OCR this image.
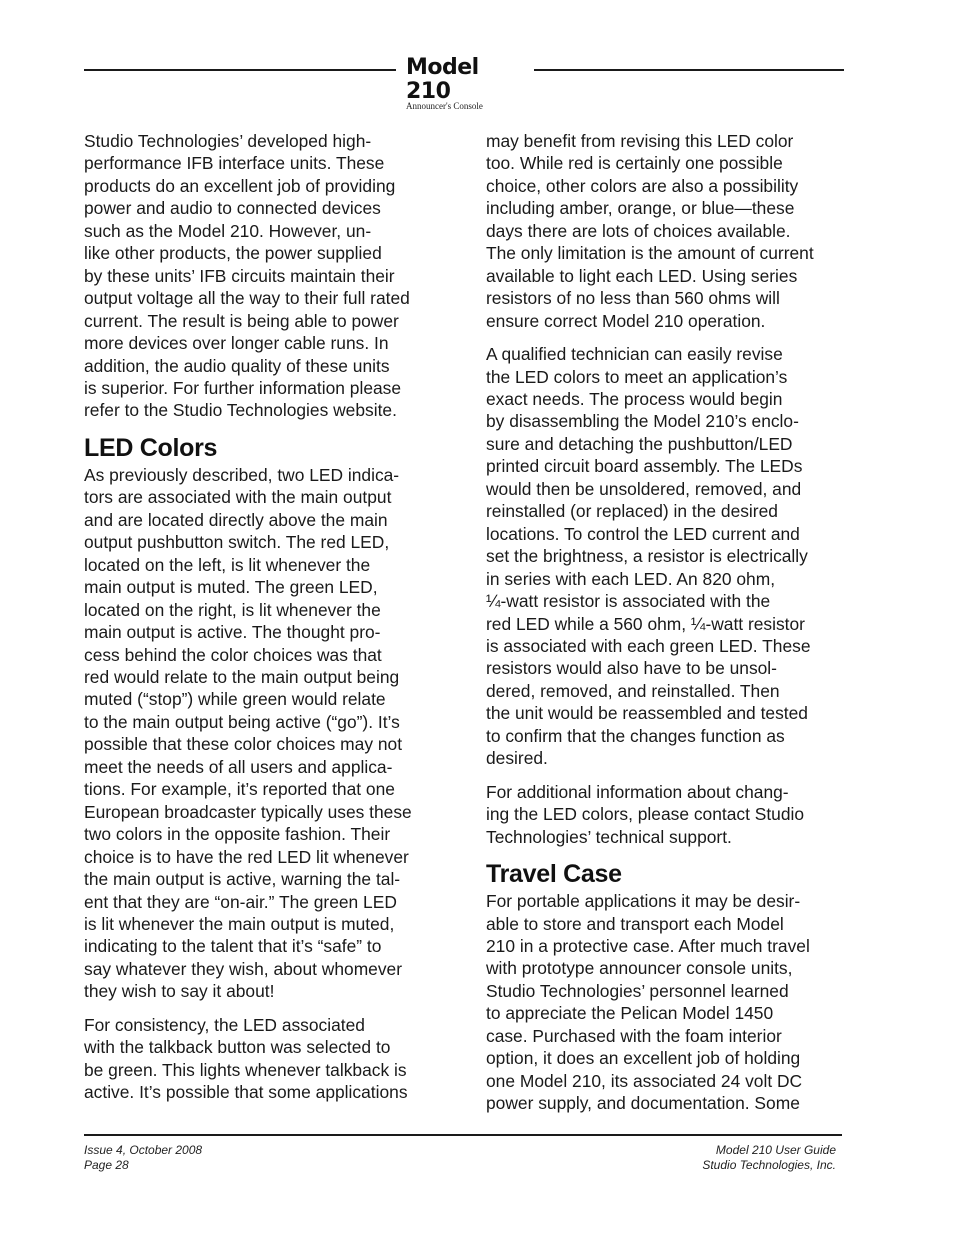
Model 210
Announcer's Console

Studio Technologies’ developed high-
performance IFB interface units. These
products do an excellent job of providing
power and audio to connected devices
such as the Model 210. However, un-
like other products, the power supplied
by these units’ IFB circuits maintain their
output voltage all the way to their full rated
current. The result is being able to power
more devices over longer cable runs. In
addition, the audio quality of these units
is superior. For further information please
refer to the Studio Technologies website.

LED Colors

As previously described, two LED indica-
tors are associated with the main output
and are located directly above the main
output pushbutton switch. The red LED,
located on the left, is lit whenever the
main output is muted. The green LED,
located on the right, is lit whenever the
main output is active. The thought pro-
cess behind the color choices was that
red would relate to the main output being
muted (“stop”) while green would relate
to the main output being active (“go”). It’s
possible that these color choices may not
meet the needs of all users and applica-
tions. For example, it’s reported that one
European broadcaster typically uses these
two colors in the opposite fashion. Their
choice is to have the red LED lit whenever
the main output is active, warning the tal-
ent that they are “on-air.” The green LED
is lit whenever the main output is muted,
indicating to the talent that it’s “safe” to
say whatever they wish, about whomever
they wish to say it about!

For consistency, the LED associated
with the talkback button was selected to
be green. This lights whenever talkback is
active. It’s possible that some applications

may benefit from revising this LED color
too. While red is certainly one possible
choice, other colors are also a possibility
including amber, orange, or blue—these
days there are lots of choices available.
The only limitation is the amount of current
available to light each LED. Using series
resistors of no less than 560 ohms will
ensure correct Model 210 operation.

A qualified technician can easily revise
the LED colors to meet an application’s
exact needs. The process would begin
by disassembling the Model 210’s enclo-
sure and detaching the pushbutton/LED
printed circuit board assembly. The LEDs
would then be unsoldered, removed, and
reinstalled (or replaced) in the desired
locations. To control the LED current and
set the brightness, a resistor is electrically
in series with each LED. An 820 ohm,
¼-watt resistor is associated with the
red LED while a 560 ohm, ¼-watt resistor
is associated with each green LED. These
resistors would also have to be unsol-
dered, removed, and reinstalled. Then
the unit would be reassembled and tested
to confirm that the changes function as
desired.

For additional information about chang-
ing the LED colors, please contact Studio
Technologies’ technical support.

Travel Case

For portable applications it may be desir-
able to store and transport each Model
210 in a protective case. After much travel
with prototype announcer console units,
Studio Technologies’ personnel learned
to appreciate the Pelican Model 1450
case. Purchased with the foam interior
option, it does an excellent job of holding
one Model 210, its associated 24 volt DC
power supply, and documentation. Some

Issue 4, October 2008
Page 28
Model 210 User Guide
Studio Technologies, Inc.
